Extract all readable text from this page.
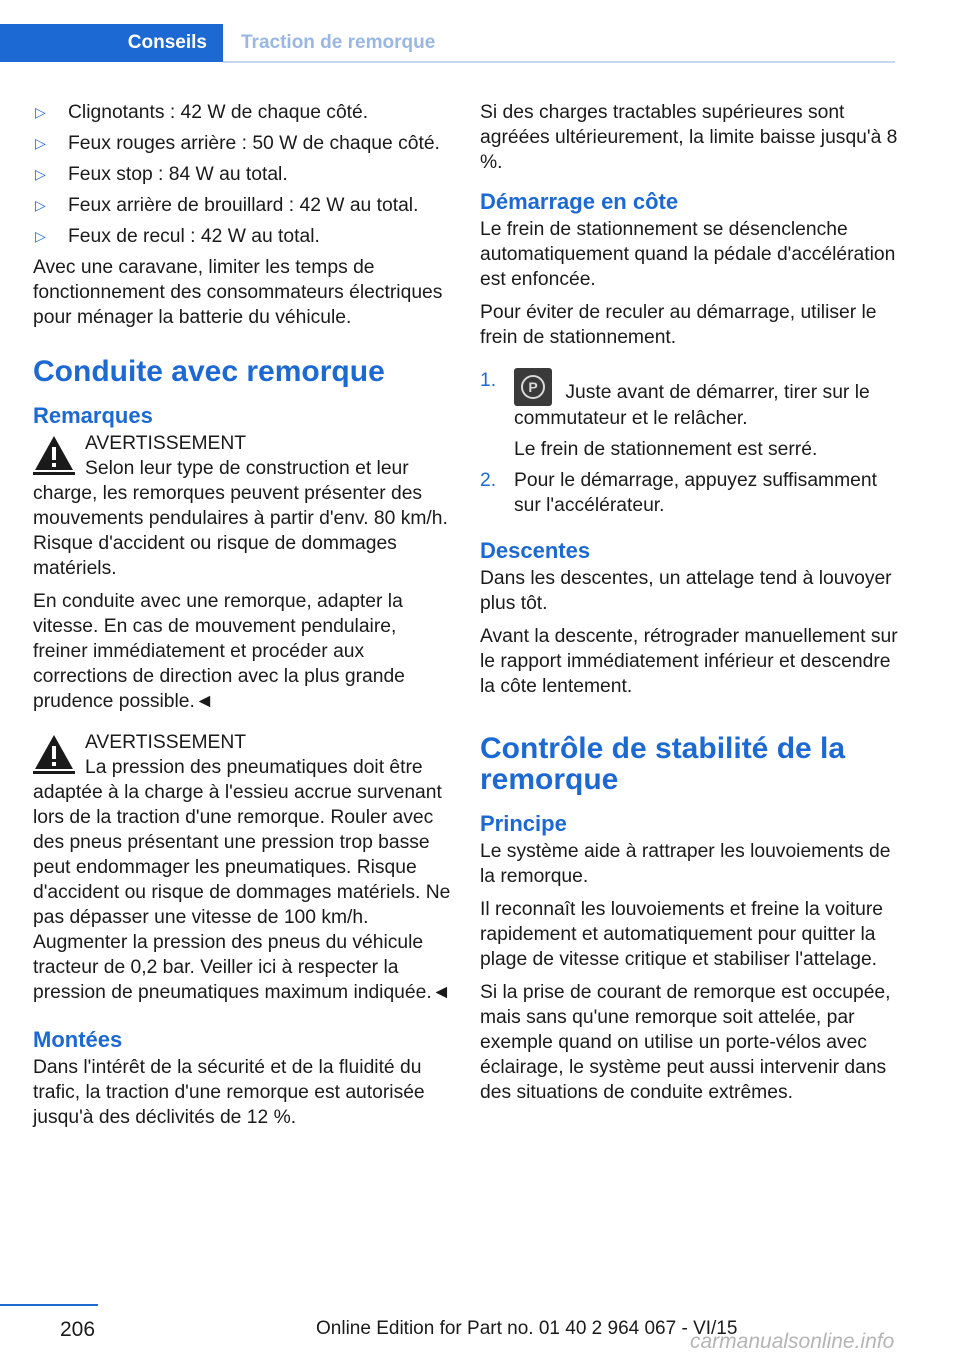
Conseils	Traction de remorque
▷	Clignotants : 42 W de chaque côté.
▷	Feux rouges arrière : 50 W de chaque côté.
▷	Feux stop : 84 W au total.
▷	Feux arrière de brouillard : 42 W au total.
▷	Feux de recul : 42 W au total.

Avec une caravane, limiter les temps de fonctionnement des consommateurs électriques pour ménager la batterie du véhicule.

Conduite avec remorque
Remarques
AVERTISSEMENT
Selon leur type de construction et leur charge, les remorques peuvent présenter des mouvements pendulaires à partir d'env. 80 km/h. Risque d'accident ou risque de dommages matériels.

En conduite avec une remorque, adapter la vitesse. En cas de mouvement pendulaire, freiner immédiatement et procéder aux corrections de direction avec la plus grande prudence possible.◄

AVERTISSEMENT
La pression des pneumatiques doit être adaptée à la charge à l'essieu accrue survenant lors de la traction d'une remorque. Rouler avec des pneus présentant une pression trop basse peut endommager les pneumatiques. Risque d'accident ou risque de dommages matériels. Ne pas dépasser une vitesse de 100 km/h. Augmenter la pression des pneus du véhicule tracteur de 0,2 bar. Veiller ici à respecter la pression de pneumatiques maximum indiquée.◄
Montées

Dans l'intérêt de la sécurité et de la fluidité du trafic, la traction d'une remorque est autorisée jusqu'à des déclivités de 12 %.

Si des charges tractables supérieures sont agréées ultérieurement, la limite baisse jusqu'à 8 %.

Démarrage en côte

Le frein de stationnement se désenclenche automatiquement quand la pédale d'accélération est enfoncée.

Pour éviter de reculer au démarrage, utiliser le frein de stationnement.

1.	P	Juste avant de démarrer, tirer sur le commutateur et le relâcher.
Le frein de stationnement est serré.
2. Pour le démarrage, appuyez suffisamment sur l'accélérateur.
Descentes

Dans les descentes, un attelage tend à louvoyer plus tôt.

Avant la descente, rétrograder manuellement sur le rapport immédiatement inférieur et descendre la côte lentement.

Contrôle de stabilité de la remorque
Principe

Le système aide à rattraper les louvoiements de la remorque.

Il reconnaît les louvoiements et freine la voiture rapidement et automatiquement pour quitter la plage de vitesse critique et stabiliser l'attelage.

Si la prise de courant de remorque est occupée, mais sans qu'une remorque soit attelée, par exemple quand on utilise un porte-vélos avec éclairage, le système peut aussi intervenir dans des situations de conduite extrêmes.

206	Online Edition for Part no. 01 40 2 964 067 - VI/15
carmanualsonline.info
